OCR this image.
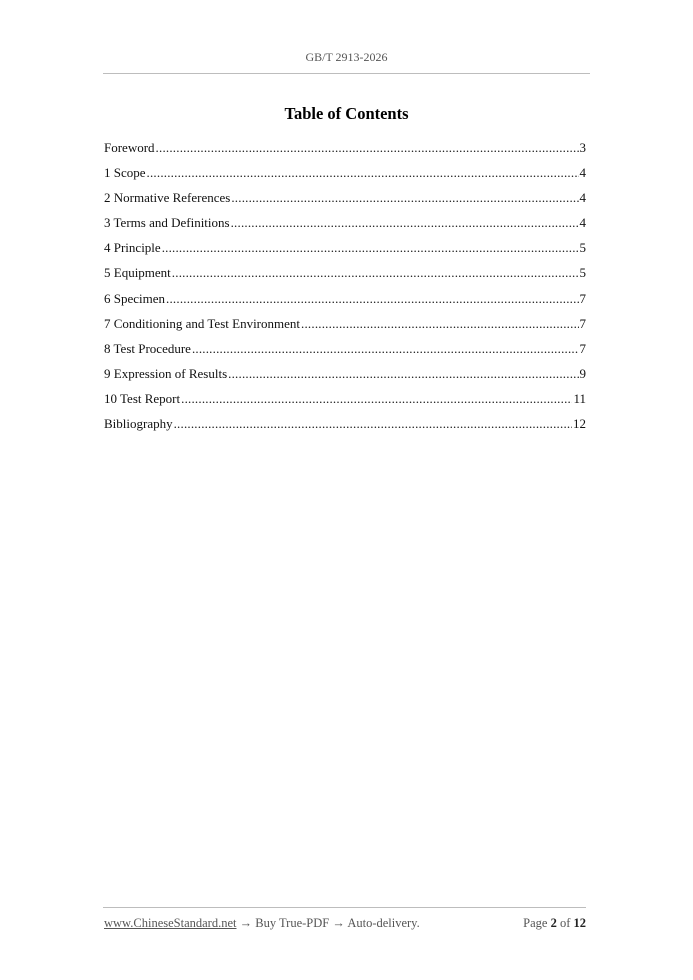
GB/T 2913-2026
Table of Contents
Foreword .....	3
1 Scope .....	4
2 Normative References .....	4
3 Terms and Definitions .....	4
4 Principle .....	5
5 Equipment .....	5
6 Specimen .....	7
7 Conditioning and Test Environment .....	7
8 Test Procedure .....	7
9 Expression of Results .....	9
10 Test Report .....	11
Bibliography .....	12
www.ChineseStandard.net → Buy True-PDF → Auto-delivery.	Page 2 of 12
